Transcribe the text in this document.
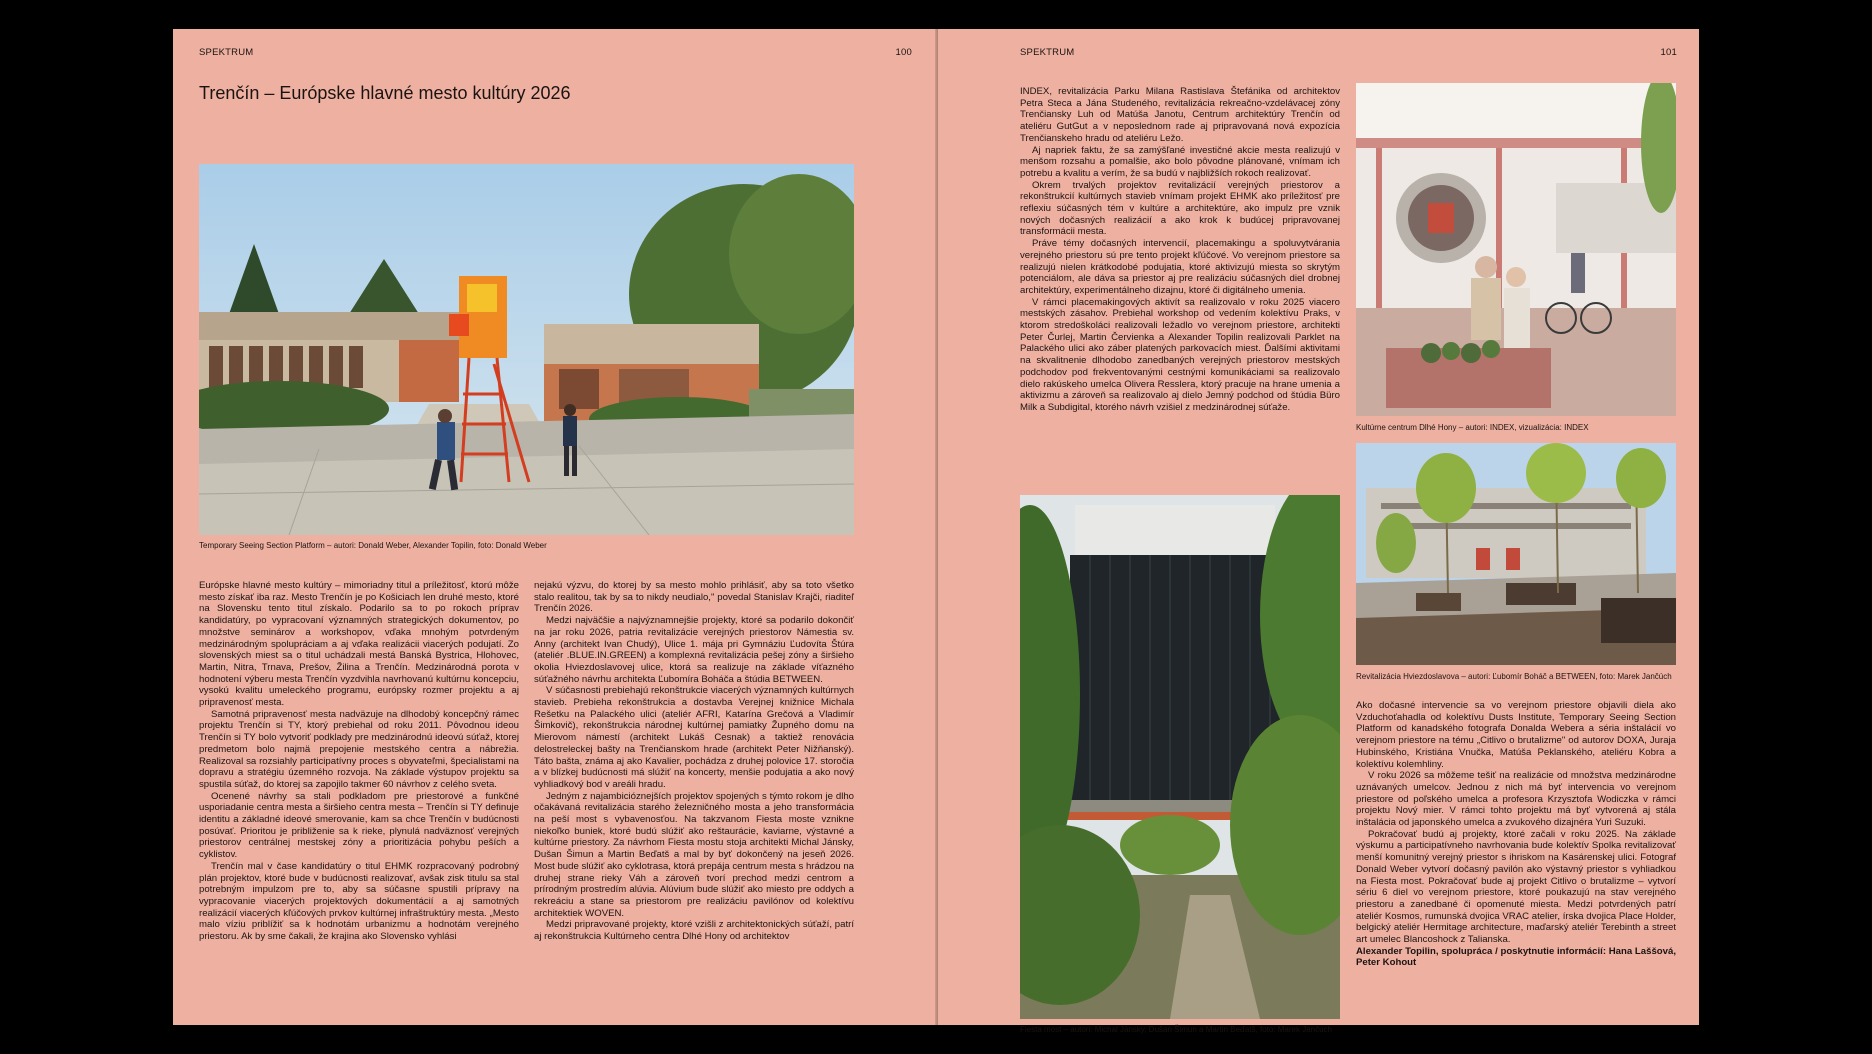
SPEKTRUM	100
Trenčín – Európske hlavné mesto kultúry 2026
Temporary Seeing Section Platform – autori: Donald Weber, Alexander Topilin, foto: Donald Weber

Európske hlavné mesto kultúry – mimoriadny titul a príležitosť, ktorú môže mesto získať iba raz. Mesto Trenčín je po Košiciach len druhé mesto, ktoré na Slovensku tento titul získalo. Podarilo sa to po rokoch príprav kandidatúry, po vypracovaní významných strategických dokumentov, po množstve seminárov a workshopov, vďaka mnohým potvrdeným medzinárodným spolupráciam a aj vďaka realizácii viacerých podujatí. Zo slovenských miest sa o titul uchádzali mestá Banská Bystrica, Hlohovec, Martin, Nitra, Trnava, Prešov, Žilina a Trenčín. Medzinárodná porota v hodnotení výberu mesta Trenčín vyzdvihla navrhovanú kultúrnu koncepciu, vysokú kvalitu umeleckého programu, európsky rozmer projektu a aj pripravenosť mesta.

Samotná pripravenosť mesta nadväzuje na dlhodobý koncepčný rámec projektu Trenčín si TY, ktorý prebiehal od roku 2011. Pôvodnou ideou Trenčín si TY bolo vytvoriť podklady pre medzinárodnú ideovú súťaž, ktorej predmetom bolo najmä prepojenie mestského centra a nábrežia. Realizoval sa rozsiahly participatívny proces s obyvateľmi, špecialistami na dopravu a stratégiu územného rozvoja. Na základe výstupov projektu sa spustila súťaž, do ktorej sa zapojilo takmer 60 návrhov z celého sveta.

Ocenené návrhy sa stali podkladom pre priestorové a funkčné usporiadanie centra mesta a širšieho centra mesta – Trenčín si TY definuje identitu a základné ideové smerovanie, kam sa chce Trenčín v budúcnosti posúvať. Prioritou je približenie sa k rieke, plynulá nadväznosť verejných priestorov centrálnej mestskej zóny a prioritizácia pohybu peších a cyklistov.

Trenčín mal v čase kandidatúry o titul EHMK rozpracovaný podrobný plán projektov, ktoré bude v budúcnosti realizovať, avšak zisk titulu sa stal potrebným impulzom pre to, aby sa súčasne spustili prípravy na vypracovanie viacerých projektových dokumentácií a aj samotných realizácií viacerých kľúčových prvkov kultúrnej infraštruktúry mesta. „Mesto malo víziu priblížiť sa k hodnotám urbanizmu a hodnotám verejného priestoru. Ak by sme čakali, že krajina ako Slovensko vyhlási

nejakú výzvu, do ktorej by sa mesto mohlo prihlásiť, aby sa toto všetko stalo realitou, tak by sa to nikdy neudialo," povedal Stanislav Krajči, riaditeľ Trenčín 2026.

Medzi najväčšie a najvýznamnejšie projekty, ktoré sa podarilo dokončiť na jar roku 2026, patria revitalizácie verejných priestorov Námestia sv. Anny (architekt Ivan Chudý), Ulice 1. mája pri Gymnáziu Ľudovíta Štúra (ateliér .BLUE.IN.GREEN) a komplexná revitalizácia pešej zóny a širšieho okolia Hviezdoslavovej ulice, ktorá sa realizuje na základe víťazného súťažného návrhu architekta Ľubomíra Boháča a štúdia BETWEEN.

V súčasnosti prebiehajú rekonštrukcie viacerých významných kultúrnych stavieb. Prebieha rekonštrukcia a dostavba Verejnej knižnice Michala Rešetku na Palackého ulici (ateliér AFRI, Katarína Grečová a Vladimír Šimkovič), rekonštrukcia národnej kultúrnej pamiatky Župného domu na Mierovom námestí (architekt Lukáš Cesnak) a taktiež renovácia delostreleckej bašty na Trenčianskom hrade (architekt Peter Nižňanský). Táto bašta, známa aj ako Kavalier, pochádza z druhej polovice 17. storočia a v blízkej budúcnosti má slúžiť na koncerty, menšie podujatia a ako nový vyhliadkový bod v areáli hradu.

Jedným z najambicióznejších projektov spojených s týmto rokom je dlho očakávaná revitalizácia starého železničného mosta a jeho transformácia na peší most s vybavenosťou. Na takzvanom Fiesta moste vznikne niekoľko buniek, ktoré budú slúžiť ako reštaurácie, kaviarne, výstavné a kultúrne priestory. Za návrhom Fiesta mostu stoja architekti Michal Jánsky, Dušan Šimun a Martin Beďatš a mal by byť dokončený na jeseň 2026. Most bude slúžiť ako cyklotrasa, ktorá prepája centrum mesta s hrádzou na druhej strane rieky Váh a zároveň tvorí prechod medzi centrom a prírodným prostredím alúvia. Alúvium bude slúžiť ako miesto pre oddych a rekreáciu a stane sa priestorom pre realizáciu pavilónov od kolektívu architektiek WOVEN.

Medzi pripravované projekty, ktoré vzišli z architektonických súťaží, patrí aj rekonštrukcia Kultúrneho centra Dlhé Hony od architektov

SPEKTRUM	101

INDEX, revitalizácia Parku Milana Rastislava Štefánika od architektov Petra Steca a Jána Studeného, revitalizácia rekreačno-vzdelávacej zóny Trenčiansky Luh od Matúša Janotu, Centrum architektúry Trenčín od ateliéru GutGut a v neposlednom rade aj pripravovaná nová expozícia Trenčianskeho hradu od ateliéru Ležo.

Aj napriek faktu, že sa zamýšľané investičné akcie mesta realizujú v menšom rozsahu a pomalšie, ako bolo pôvodne plánované, vnímam ich potrebu a kvalitu a verím, že sa budú v najbližších rokoch realizovať.

Okrem trvalých projektov revitalizácií verejných priestorov a rekonštrukcií kultúrnych stavieb vnímam projekt EHMK ako príležitosť pre reflexiu súčasných tém v kultúre a architektúre, ako impulz pre vznik nových dočasných realizácií a ako krok k budúcej pripravovanej transformácii mesta.

Práve témy dočasných intervencií, placemakingu a spoluvytvárania verejného priestoru sú pre tento projekt kľúčové. Vo verejnom priestore sa realizujú nielen krátkodobé podujatia, ktoré aktivizujú miesta so skrytým potenciálom, ale dáva sa priestor aj pre realizáciu súčasných diel drobnej architektúry, experimentálneho dizajnu, ktoré či digitálneho umenia.

V rámci placemakingových aktivít sa realizovalo v roku 2025 viacero mestských zásahov. Prebiehal workshop od vedením kolektívu Praks, v ktorom stredoškoláci realizovali ležadlo vo verejnom priestore, architekti Peter Čurlej, Martin Červienka a Alexander Topilin realizovali Parklet na Palackého ulici ako záber platených parkovacích miest. Ďalšími aktivitami na skvalitnenie dlhodobo zanedbaných verejných priestorov mestských podchodov pod frekventovanými cestnými komunikáciami sa realizovalo dielo rakúskeho umelca Olivera Resslera, ktorý pracuje na hrane umenia a aktivizmu a zároveň sa realizovalo aj dielo Jemný podchod od štúdia Büro Milk a Subdigital, ktorého návrh vzišiel z medzinárodnej súťaže.

Fiesta most – autori: Michal Jánsky, Dušan Šimun a Martin Beďatš, foto: Marek Jančúch
Kultúrne centrum Dlhé Hony – autori: INDEX, vizualizácia: INDEX
Revitalizácia Hviezdoslavova – autori: Ľubomír Boháč a BETWEEN, foto: Marek Jančúch

Ako dočasné intervencie sa vo verejnom priestore objavili diela ako Vzduchoťahadla od kolektívu Dusts Institute, Temporary Seeing Section Platform od kanadského fotografa Donalda Webera a séria inštalácií vo verejnom priestore na tému „Citlivo o brutalizme" od autorov DOXA, Juraja Hubinského, Kristiána Vnučka, Matúša Peklanského, ateliéru Kobra a kolektívu kolemhliny.

V roku 2026 sa môžeme tešiť na realizácie od množstva medzinárodne uznávaných umelcov. Jednou z nich má byť intervencia vo verejnom priestore od poľského umelca a profesora Krzysztofa Wodiczka v rámci projektu Nový mier. V rámci tohto projektu má byť vytvorená aj stála inštalácia od japonského umelca a zvukového dizajnéra Yuri Suzuki.

Pokračovať budú aj projekty, ktoré začali v roku 2025. Na základe výskumu a participatívneho navrhovania bude kolektív Spolka revitalizovať menší komunitný verejný priestor s ihriskom na Kasárenskej ulici. Fotograf Donald Weber vytvorí dočasný pavilón ako výstavný priestor s vyhliadkou na Fiesta most. Pokračovať bude aj projekt Citlivo o brutalizme – vytvorí sériu 6 diel vo verejnom priestore, ktoré poukazujú na stav verejného priestoru a zanedbané či opomenuté miesta. Medzi potvrdených patrí ateliér Kosmos, rumunská dvojica VRAC atelier, írska dvojica Place Holder, belgický ateliér Hermitage architecture, maďarský ateliér Terebinth a street art umelec Blancoshock z Talianska.

Alexander Topilin, spolupráca / poskytnutie informácií: Hana Laššová, Peter Kohout
